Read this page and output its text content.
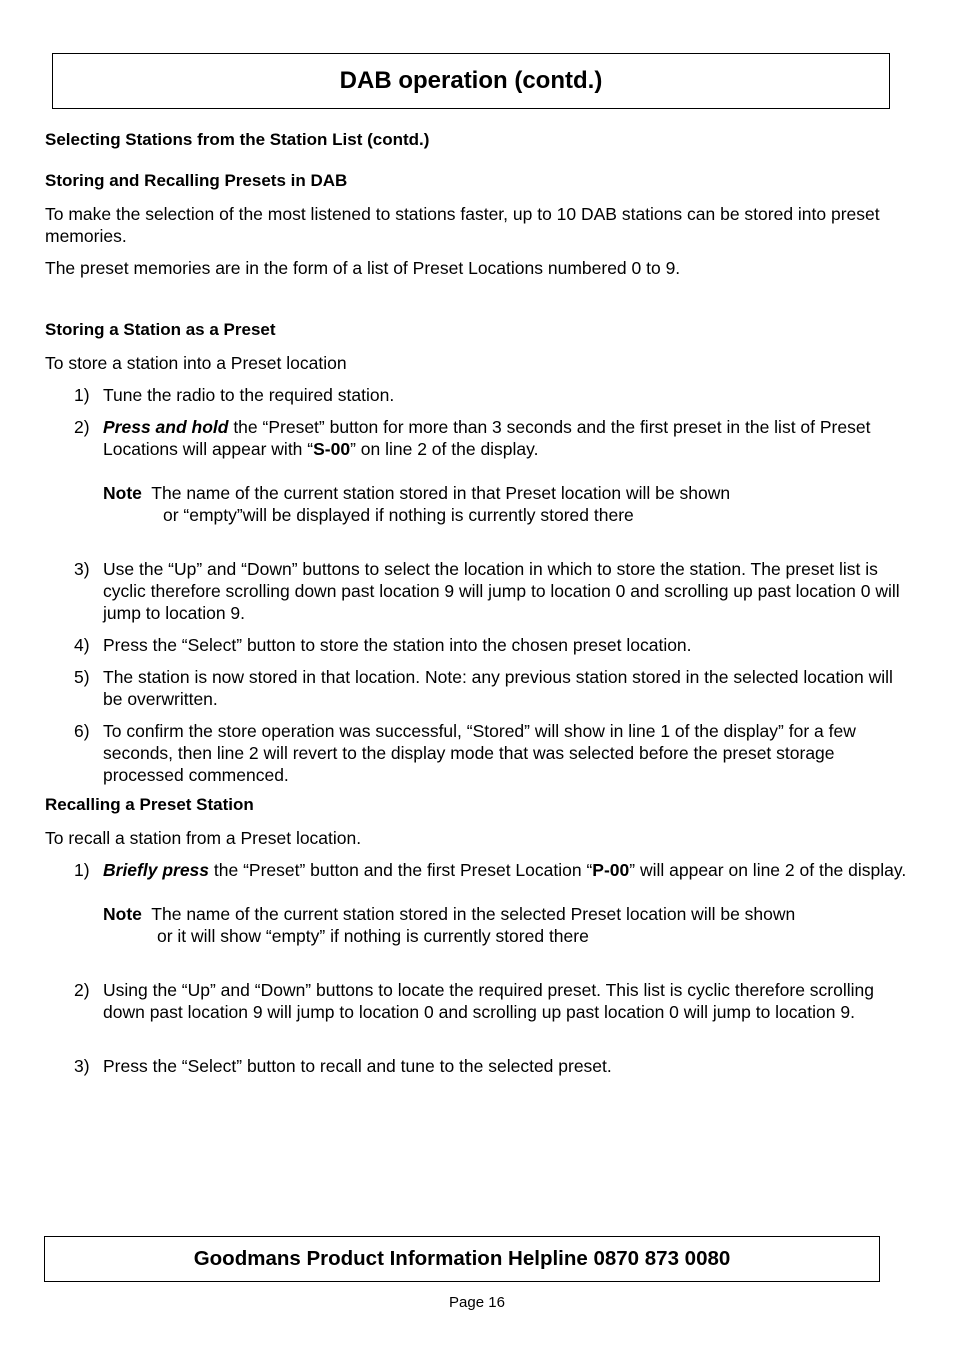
DAB operation (contd.)
Selecting Stations from the Station List (contd.)
Storing and Recalling Presets in DAB
To make the selection of the most listened to stations faster, up to 10 DAB stations can be stored into preset memories.
The preset memories are in the form of a list of Preset Locations numbered 0 to 9.
Storing a Station as a Preset
To store a station into a Preset location
1) Tune the radio to the required station.
2) Press and hold the “Preset” button for more than 3 seconds and the first preset in the list of Preset Locations will appear with “S-00” on line 2 of the display.
Note  The name of the current station stored in that Preset location will be shown
or “empty”will be displayed if nothing is currently stored there
3) Use the “Up” and “Down” buttons to select the location in which to store the station. The preset list is cyclic therefore scrolling down past location 9 will jump to location 0 and scrolling up past location 0 will jump to location 9.
4) Press the “Select” button to store the station into the chosen preset location.
5) The station is now stored in that location. Note: any previous station stored in the selected location will be overwritten.
6) To confirm the store operation was successful, “Stored” will show in line 1 of the display” for a few seconds, then line 2 will revert to the display mode that was selected before the preset storage processed commenced.
Recalling a Preset Station
To recall a station from a Preset location.
1) Briefly press the “Preset” button and the first Preset Location “P-00” will appear on line 2 of the display.
Note  The name of the current station stored in the selected Preset location will be shown
or it will show “empty” if nothing is currently stored there
2) Using the “Up” and “Down” buttons to locate the required preset. This list is cyclic therefore scrolling down past location 9 will jump to location 0 and scrolling up past location 0 will jump to location 9.
3) Press the “Select” button to recall and tune to the selected preset.
Goodmans Product Information Helpline 0870 873 0080
Page 16
